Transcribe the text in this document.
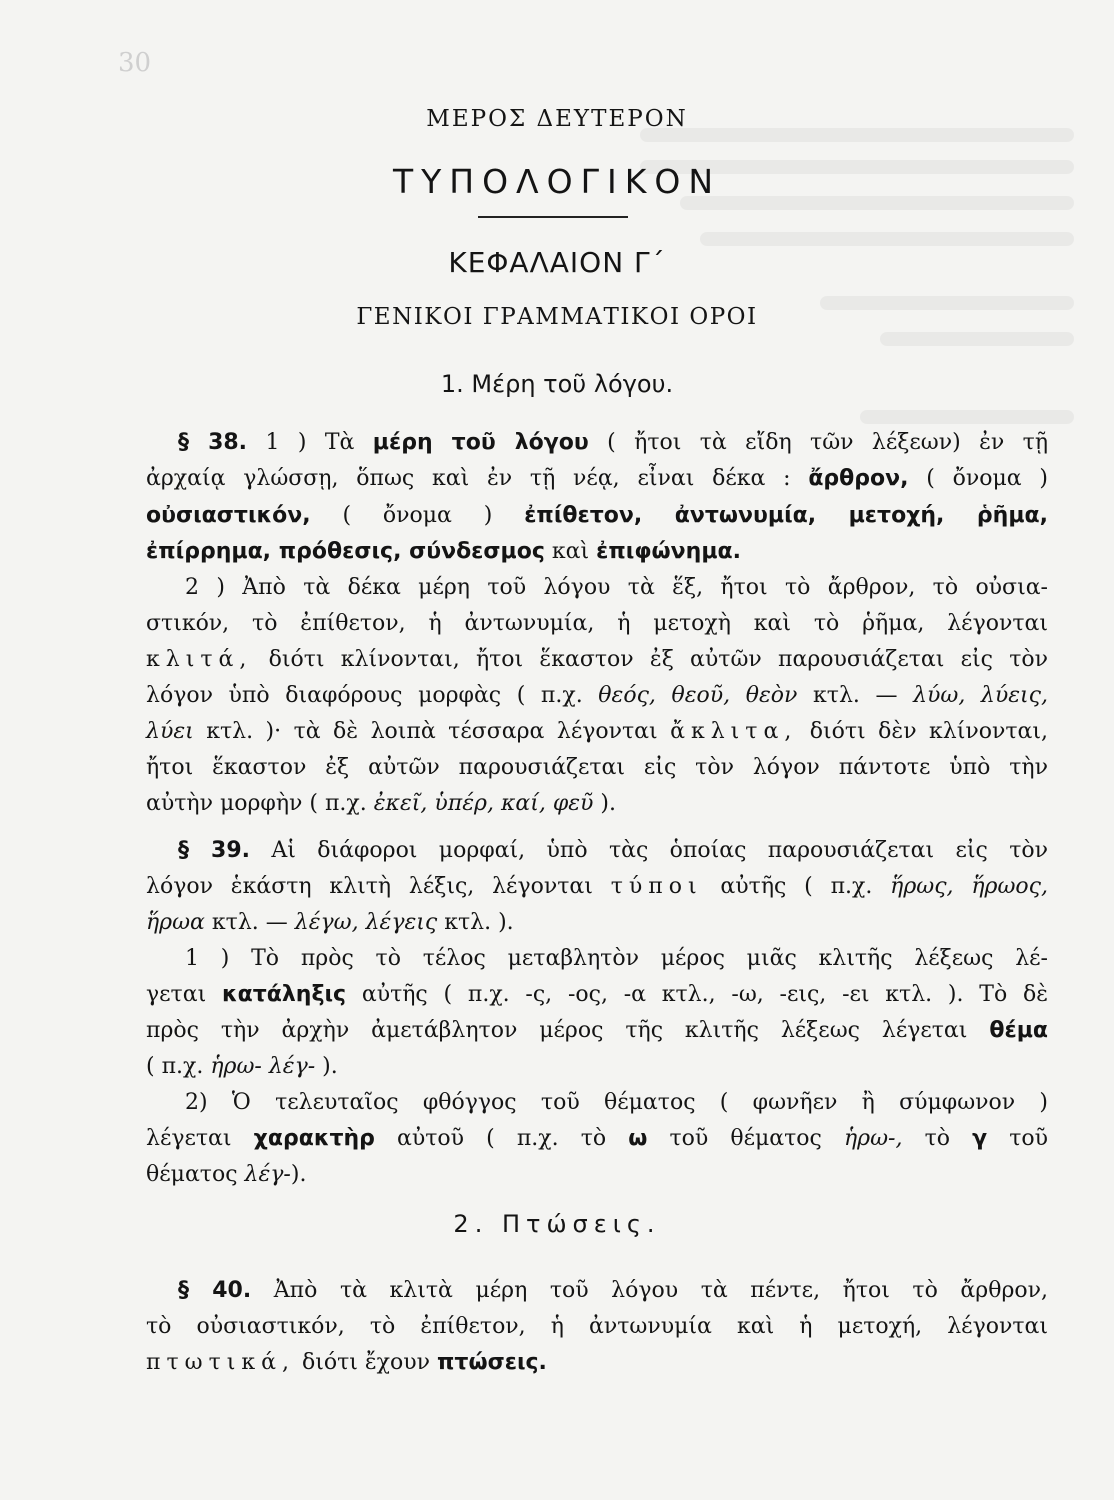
30
ΜΕΡΟΣ ΔΕΥΤΕΡΟΝ
ΤΥΠΟΛΟΓΙΚΟΝ
ΚΕΦΑΛΑΙΟΝ Γ΄
ΓΕΝΙΚΟΙ ΓΡΑΜΜΑΤΙΚΟΙ ΟΡΟΙ
1. Μέρη τοῦ λόγου.
§ 38. 1 ) Τὰ μέρη τοῦ λόγου ( ἤτοι τὰ εἴδη τῶν λέξεων) ἐν τῇ
ἀρχαίᾳ γλώσσῃ, ὅπως καὶ ἐν τῇ νέᾳ, εἶναι δέκα : ἄρθρον, ( ὄνομα )
οὐσιαστικόν, ( ὄνομα ) ἐπίθετον, ἀντωνυμία, μετοχή, ῥῆμα,
ἐπίρρημα, πρόθεσις, σύνδεσμος καὶ ἐπιφώνημα.
2 ) Ἀπὸ τὰ δέκα μέρη τοῦ λόγου τὰ ἕξ, ἤτοι τὸ ἄρθρον, τὸ οὐσια-
στικόν, τὸ ἐπίθετον, ἡ ἀντωνυμία, ἡ μετοχὴ καὶ τὸ ῥῆμα, λέγονται
κλιτά, διότι κλίνονται, ἤτοι ἕκαστον ἐξ αὐτῶν παρουσιάζεται εἰς τὸν
λόγον ὑπὸ διαφόρους μορφὰς ( π.χ. θεός, θεοῦ, θεὸν κτλ. — λύω, λύεις,
λύει κτλ. )· τὰ δὲ λοιπὰ τέσσαρα λέγονται ἄκλιτα, διότι δὲν κλίνονται,
ἤτοι ἕκαστον ἐξ αὐτῶν παρουσιάζεται εἰς τὸν λόγον πάντοτε ὑπὸ τὴν
αὐτὴν μορφὴν ( π.χ. ἐκεῖ, ὑπέρ, καί, φεῦ ).
§ 39. Αἱ διάφοροι μορφαί, ὑπὸ τὰς ὁποίας παρουσιάζεται εἰς τὸν
λόγον ἑκάστη κλιτὴ λέξις, λέγονται τύποι αὐτῆς ( π.χ. ἥρως, ἥρωος,
ἥρωα κτλ. — λέγω, λέγεις κτλ. ).
1 ) Τὸ πρὸς τὸ τέλος μεταβλητὸν μέρος μιᾶς κλιτῆς λέξεως λέ-
γεται κατάληξις αὐτῆς ( π.χ. -ς, -ος, -α κτλ., -ω, -εις, -ει κτλ. ). Τὸ δὲ
πρὸς τὴν ἀρχὴν ἀμετάβλητον μέρος τῆς κλιτῆς λέξεως λέγεται θέμα
( π.χ. ἡρω- λέγ- ).
2) Ὁ τελευταῖος φθόγγος τοῦ θέματος ( φωνῆεν ἢ σύμφωνον )
λέγεται χαρακτὴρ αὐτοῦ ( π.χ. τὸ ω τοῦ θέματος ἡρω-, τὸ γ τοῦ
θέματος λέγ-).
2. Πτώσεις.
§ 40. Ἀπὸ τὰ κλιτὰ μέρη τοῦ λόγου τὰ πέντε, ἤτοι τὸ ἄρθρον,
τὸ οὐσιαστικόν, τὸ ἐπίθετον, ἡ ἀντωνυμία καὶ ἡ μετοχή, λέγονται
πτωτικά, διότι ἔχουν πτώσεις.
